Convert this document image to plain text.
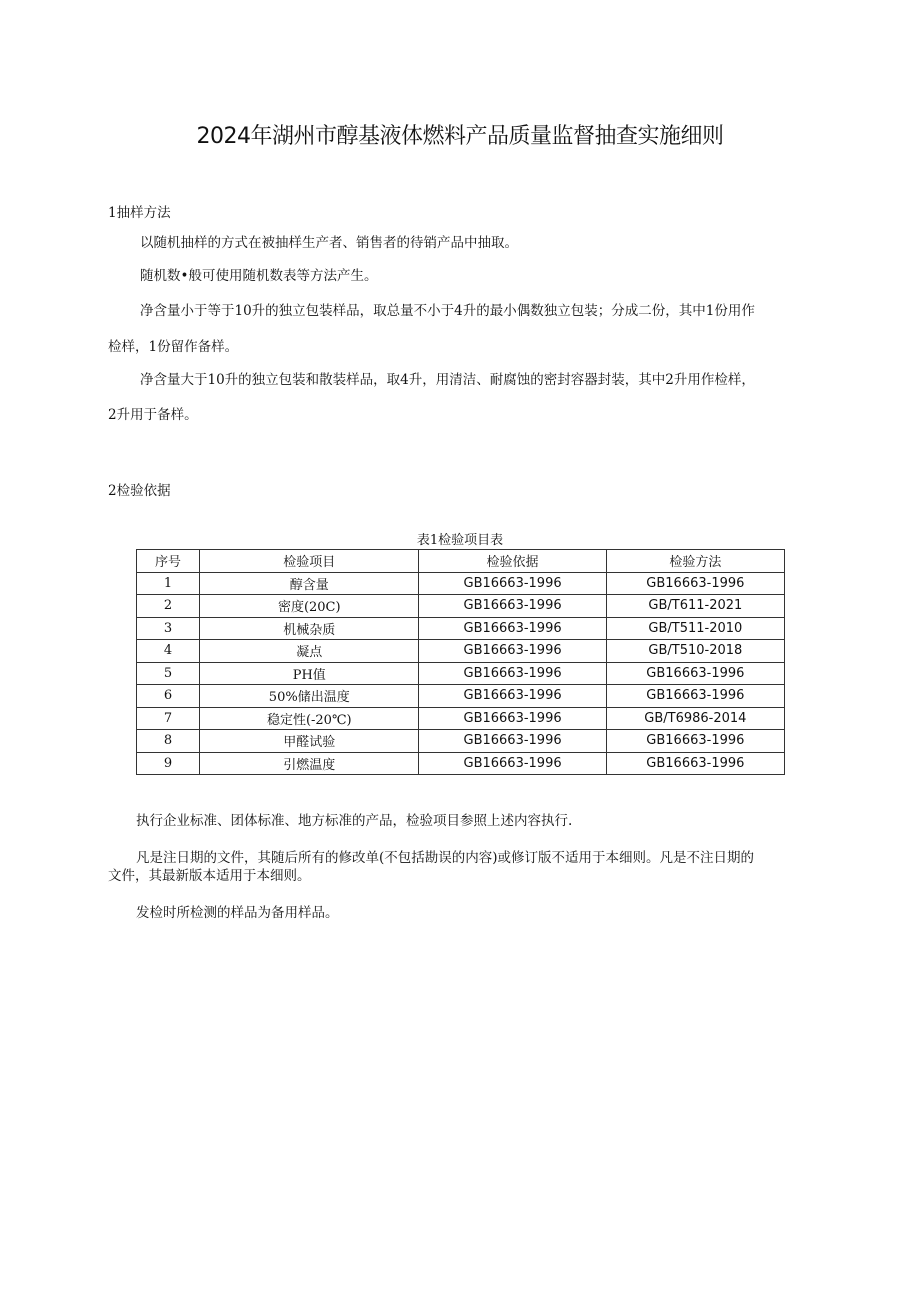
2024年湖州市醇基液体燃料产品质量监督抽查实施细则
1抽样方法
以随机抽样的方式在被抽样生产者、销售者的待销产品中抽取。
随机数•般可使用随机数表等方法产生。
净含量小于等于10升的独立包装样品，取总量不小于4升的最小偶数独立包装；分成二份，其中1份用作
检样，1份留作备样。
净含量大于10升的独立包装和散装样品，取4升，用清洁、耐腐蚀的密封容器封装，其中2升用作检样，
2升用于备样。
2检验依据
表1检验项目表
序号	检验项目	检验依据	检验方法
1	醇含量	GB16663-1996	GB16663-1996
2	密度(20C)	GB16663-1996	GB/T611-2021
3	机械杂质	GB16663-1996	GB/T511-2010
4	凝点	GB16663-1996	GB/T510-2018
5	PH值	GB16663-1996	GB16663-1996
6	50%储出温度	GB16663-1996	GB16663-1996
7	稳定性(-20℃)	GB16663-1996	GB/T6986-2014
8	甲醛试验	GB16663-1996	GB16663-1996
9	引燃温度	GB16663-1996	GB16663-1996
执行企业标准、团体标准、地方标准的产品，检验项目参照上述内容执行.
凡是注日期的文件，其随后所有的修改单(不包括勘误的内容)或修订版不适用于本细则。凡是不注日期的
文件，其最新版本适用于本细则。
发检时所检测的样品为备用样品。
